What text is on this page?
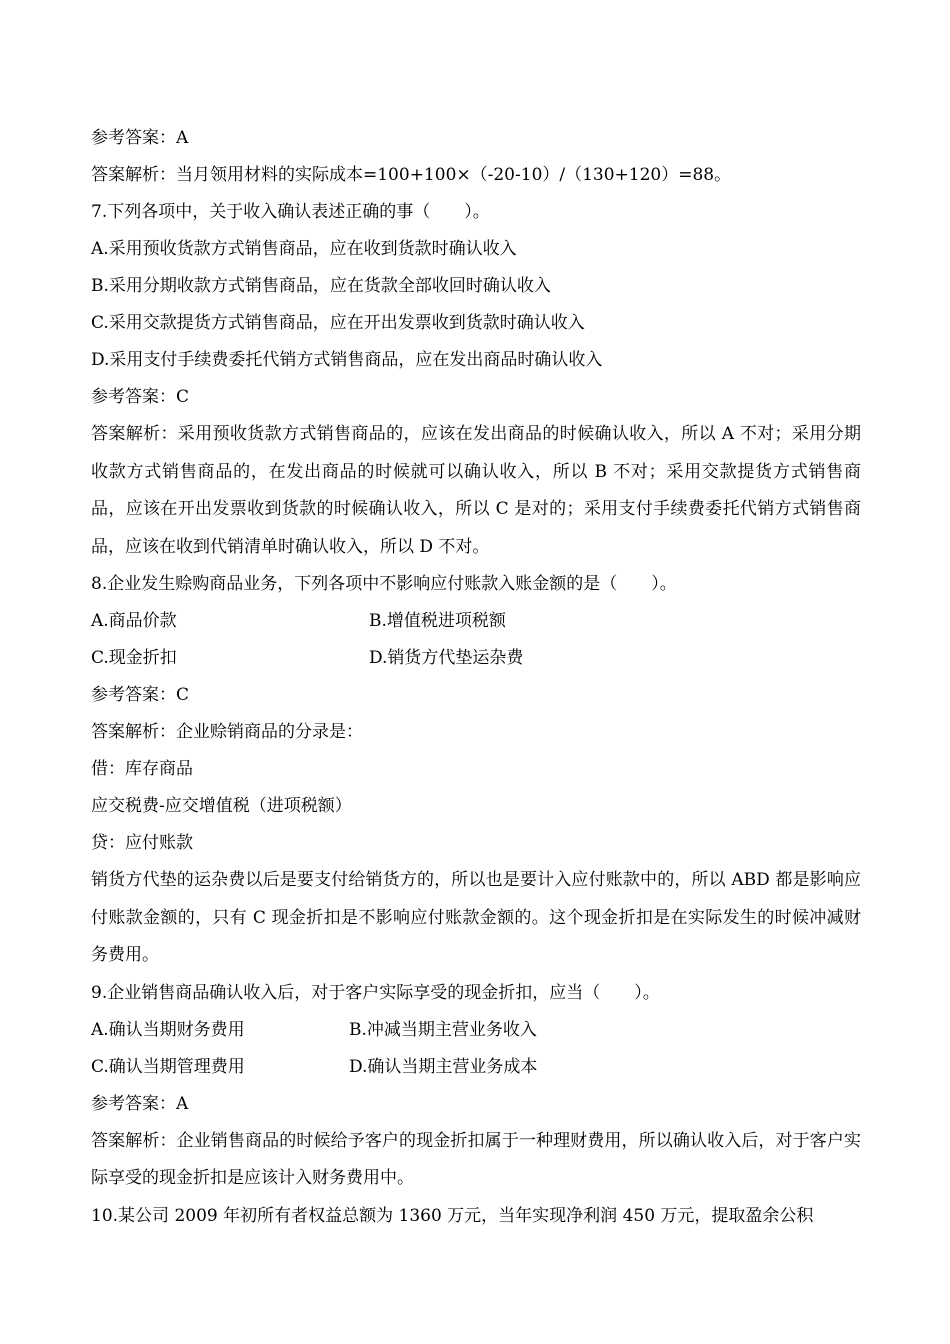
参考答案：A
答案解析：当月领用材料的实际成本=100+100×（-20-10）/（130+120）=88。
7.下列各项中，关于收入确认表述正确的事（　　）。
A.采用预收货款方式销售商品，应在收到货款时确认收入
B.采用分期收款方式销售商品，应在货款全部收回时确认收入
C.采用交款提货方式销售商品，应在开出发票收到货款时确认收入
D.采用支付手续费委托代销方式销售商品，应在发出商品时确认收入
参考答案：C
答案解析：采用预收货款方式销售商品的，应该在发出商品的时候确认收入，所以 A 不对；采用分期收款方式销售商品的，在发出商品的时候就可以确认收入，所以 B 不对；采用交款提货方式销售商品，应该在开出发票收到货款的时候确认收入，所以 C 是对的；采用支付手续费委托代销方式销售商品，应该在收到代销清单时确认收入，所以 D 不对。
8.企业发生赊购商品业务，下列各项中不影响应付账款入账金额的是（　　）。
A.商品价款	B.增值税进项税额
C.现金折扣	D.销货方代垫运杂费
参考答案：C
答案解析：企业赊销商品的分录是：
借：库存商品
应交税费-应交增值税（进项税额）
贷：应付账款
销货方代垫的运杂费以后是要支付给销货方的，所以也是要计入应付账款中的，所以 ABD 都是影响应付账款金额的，只有 C 现金折扣是不影响应付账款金额的。这个现金折扣是在实际发生的时候冲减财务费用。
9.企业销售商品确认收入后，对于客户实际享受的现金折扣，应当（　　）。
A.确认当期财务费用	B.冲减当期主营业务收入
C.确认当期管理费用	D.确认当期主营业务成本
参考答案：A
答案解析：企业销售商品的时候给予客户的现金折扣属于一种理财费用，所以确认收入后，对于客户实际享受的现金折扣是应该计入财务费用中。
10.某公司 2009 年初所有者权益总额为 1360 万元，当年实现净利润 450 万元，提取盈余公积
